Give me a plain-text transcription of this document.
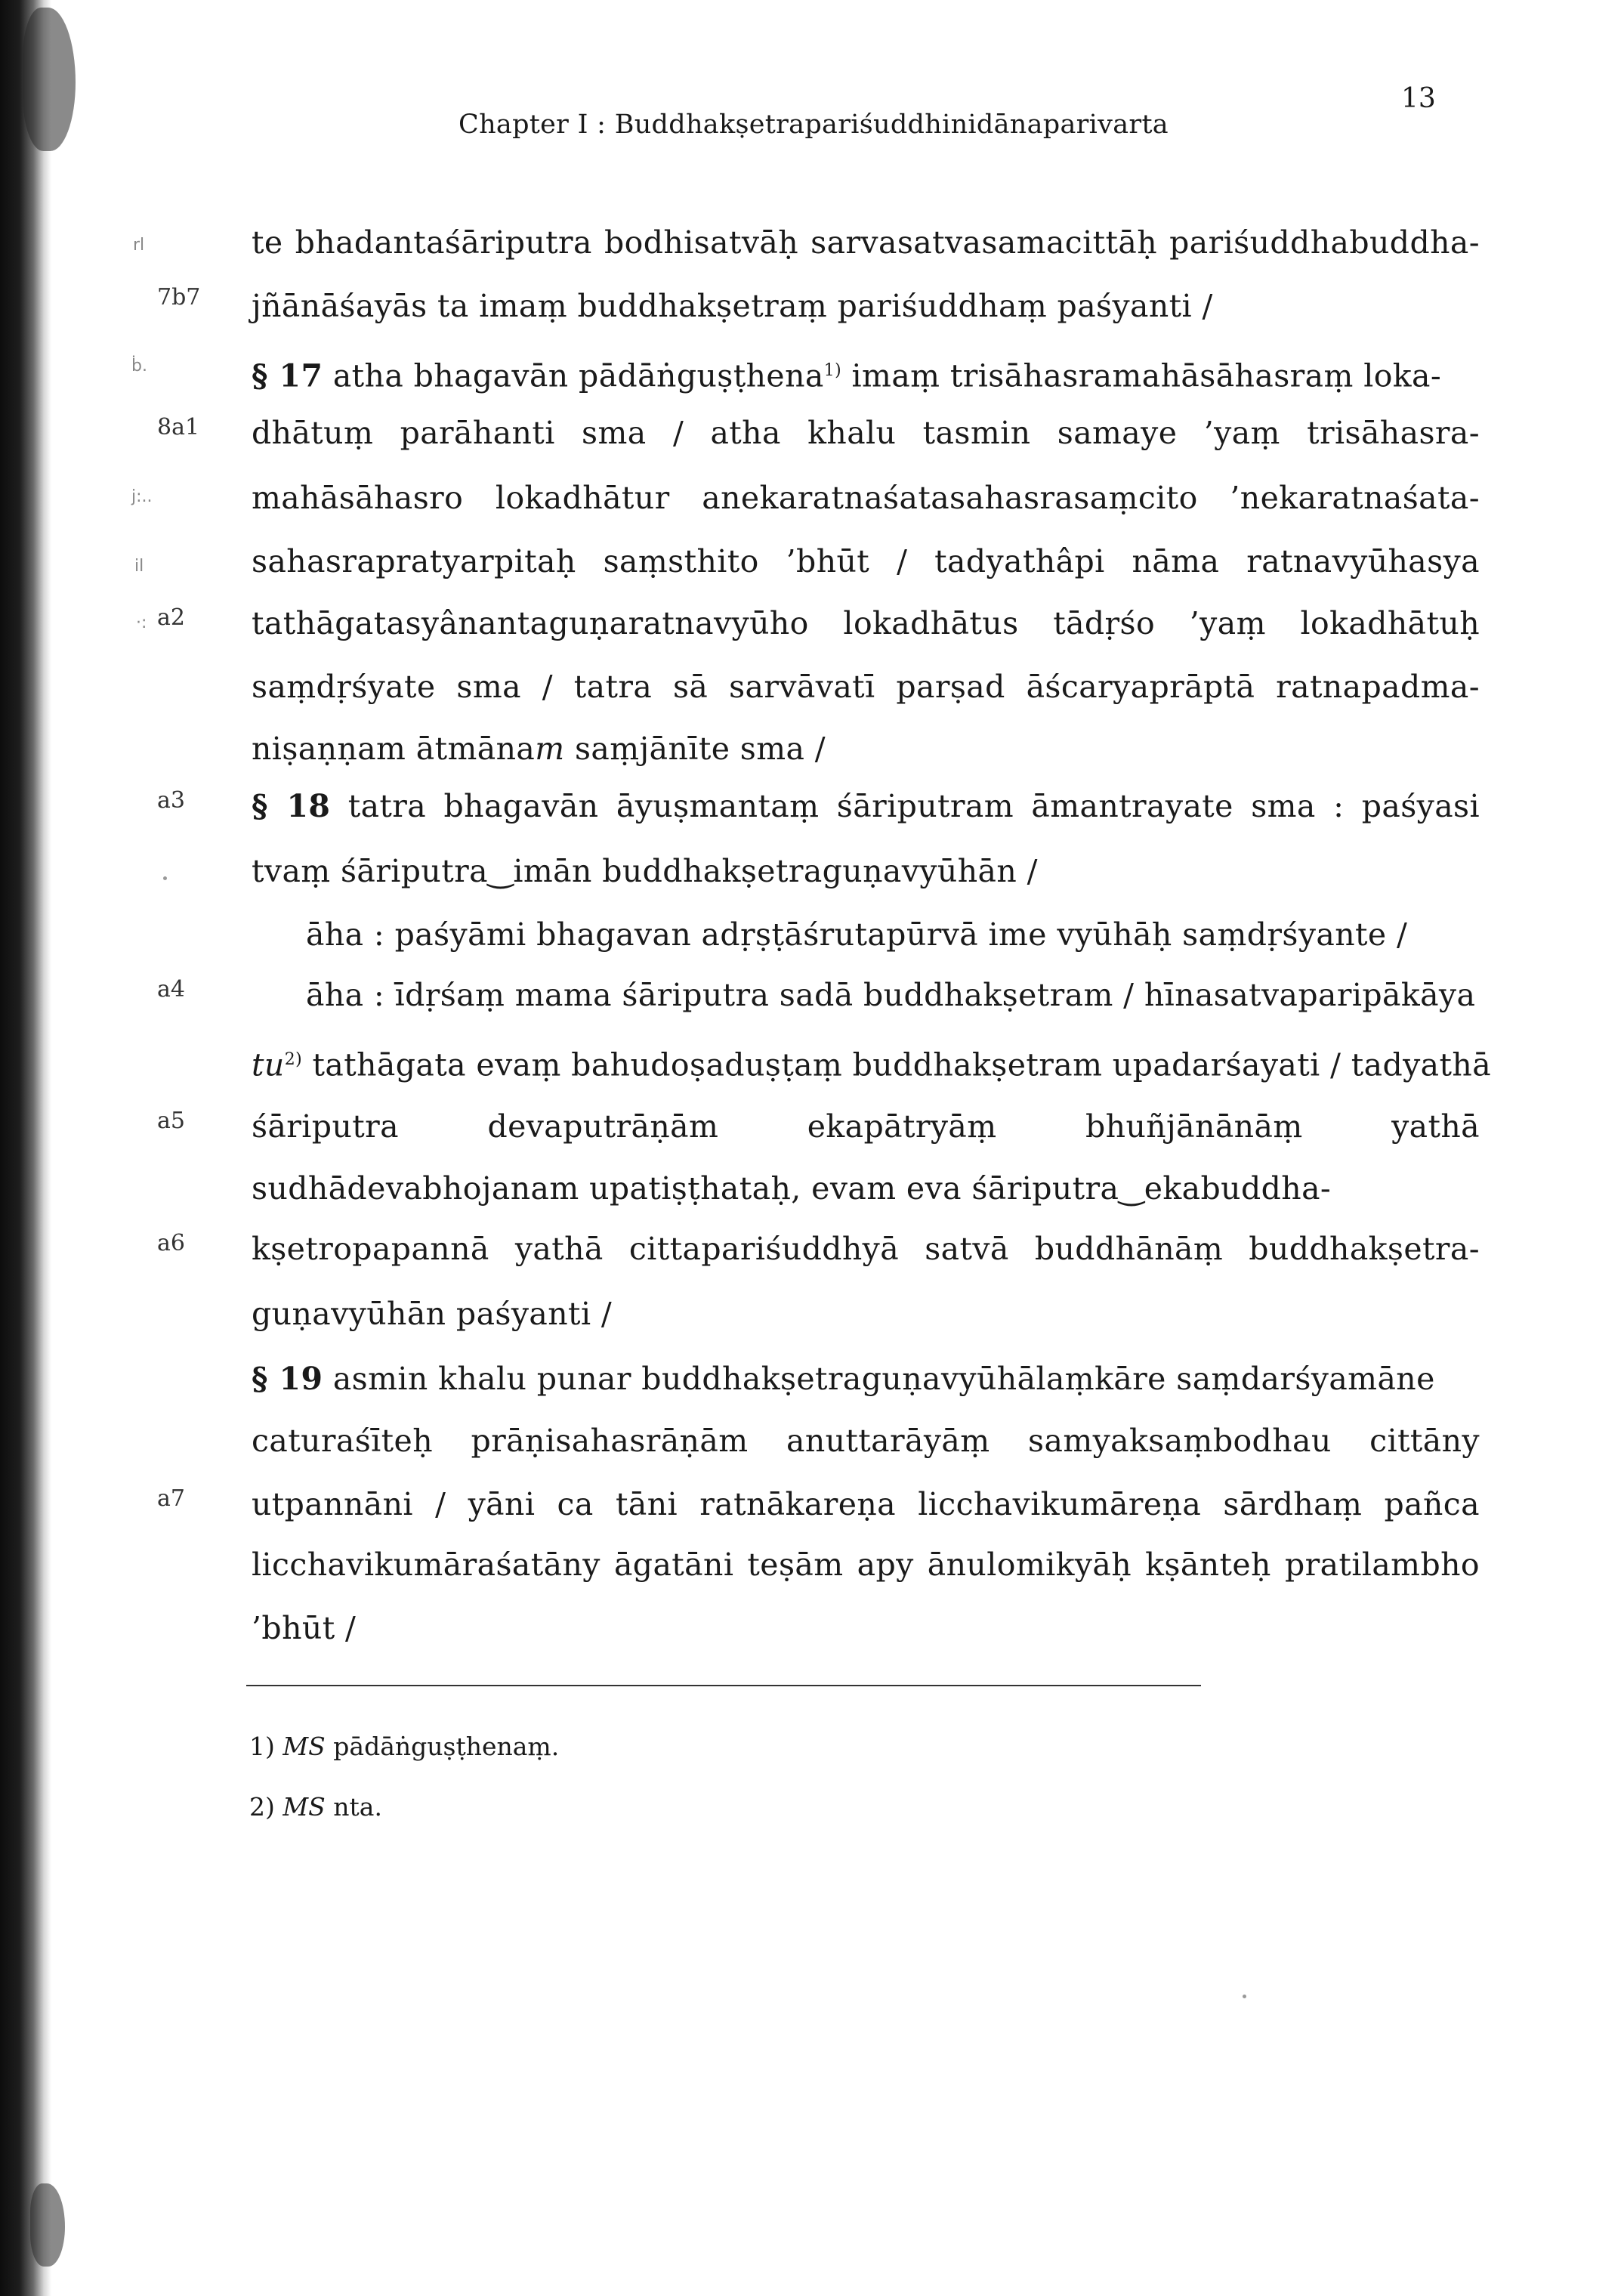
Chapter I : Buddhakṣetrapariśuddhinidānaparivarta
13
rl
ḃ.
j:..
il
·:
7b7
8a1
a2
a3
a4
a5
a6
a7
te bhadantaśāriputra bodhisatvāḥ sarvasatvasamacittāḥ pariśuddhabuddha-
jñānāśayās ta imaṃ buddhakṣetraṃ pariśuddhaṃ paśyanti /
§ 17 atha bhagavān pādāṅguṣṭhena$^{1)}$ imaṃ trisāhasramahāsāhasraṃ loka-
dhātuṃ parāhanti sma / atha khalu tasmin samaye ’yaṃ trisāhasra-
mahāsāhasro lokadhātur anekaratnaśatasahasrasaṃcito ’nekaratnaśata-
sahasrapratyarpitaḥ saṃsthito ’bhūt / tadyathâpi nāma ratnavyūhasya
tathāgatasyânantaguṇaratnavyūho lokadhātus tādṛśo ’yaṃ lokadhātuḥ
saṃdṛśyate sma / tatra sā sarvāvatī parṣad āścaryaprāptā ratnapadma-
niṣaṇṇam ātmānam saṃjānīte sma /
§ 18 tatra bhagavān āyuṣmantaṃ śāriputram āmantrayate sma : paśyasi
tvaṃ śāriputra‿imān buddhakṣetraguṇavyūhān /
āha : paśyāmi bhagavan adṛṣṭāśrutapūrvā ime vyūhāḥ saṃdṛśyante /
āha : īdṛśaṃ mama śāriputra sadā buddhakṣetram / hīnasatvaparipākāya
$tu^{2)}$ tathāgata evaṃ bahudoṣaduṣṭaṃ buddhakṣetram upadarśayati / tadyathā
śāriputra devaputrāṇām ekapātryāṃ bhuñjānānāṃ yathā
sudhādevabhojanam upatiṣṭhataḥ, evam eva śāriputra‿ekabuddha-
kṣetropapannā yathā cittapariśuddhyā satvā buddhānāṃ buddhakṣetra-
guṇavyūhān paśyanti /
§ 19 asmin khalu punar buddhakṣetraguṇavyūhālaṃkāre saṃdarśyamāne
caturaśīteḥ prāṇisahasrāṇām anuttarāyāṃ samyaksaṃbodhau cittāny
utpannāni / yāni ca tāni ratnākareṇa licchavikumāreṇa sārdhaṃ pañca
licchavikumāraśatāny āgatāni teṣām apy ānulomikyāḥ kṣānteḥ pratilambho
’bhūt /
1) MS pādāṅguṣṭhenaṃ.
2) MS nta.
